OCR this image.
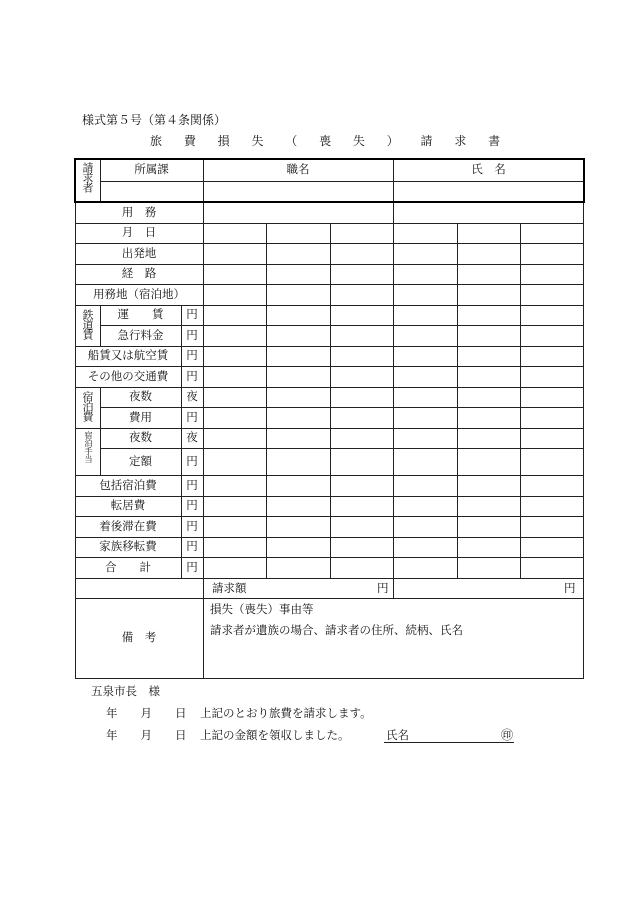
様式第５号（第４条関係）
旅 費 損 失 （ 喪 失 ） 請 求 書
請求者	所属課	職名	氏　名
用　務
月　日
出発地
経　路
用務地（宿泊地）
鉄道賃	運　　賃	円
急行料金	円
船賃又は航空賃	円
その他の交通費	円
宿泊費	夜数	夜
費用	円
宿泊手当	夜数	夜
定額	円
包括宿泊費	円
転居費	円
着後滞在費	円
家族移転費	円
合　　計	円
請求額	円	円
備　考
損失（喪失）事由等
請求者が遺族の場合、請求者の住所、続柄、氏名
五泉市長　様
年　　月　　日 上記のとおり旅費を請求します。
年　　月　　日 上記の金額を領収しました。	氏名	㊞
